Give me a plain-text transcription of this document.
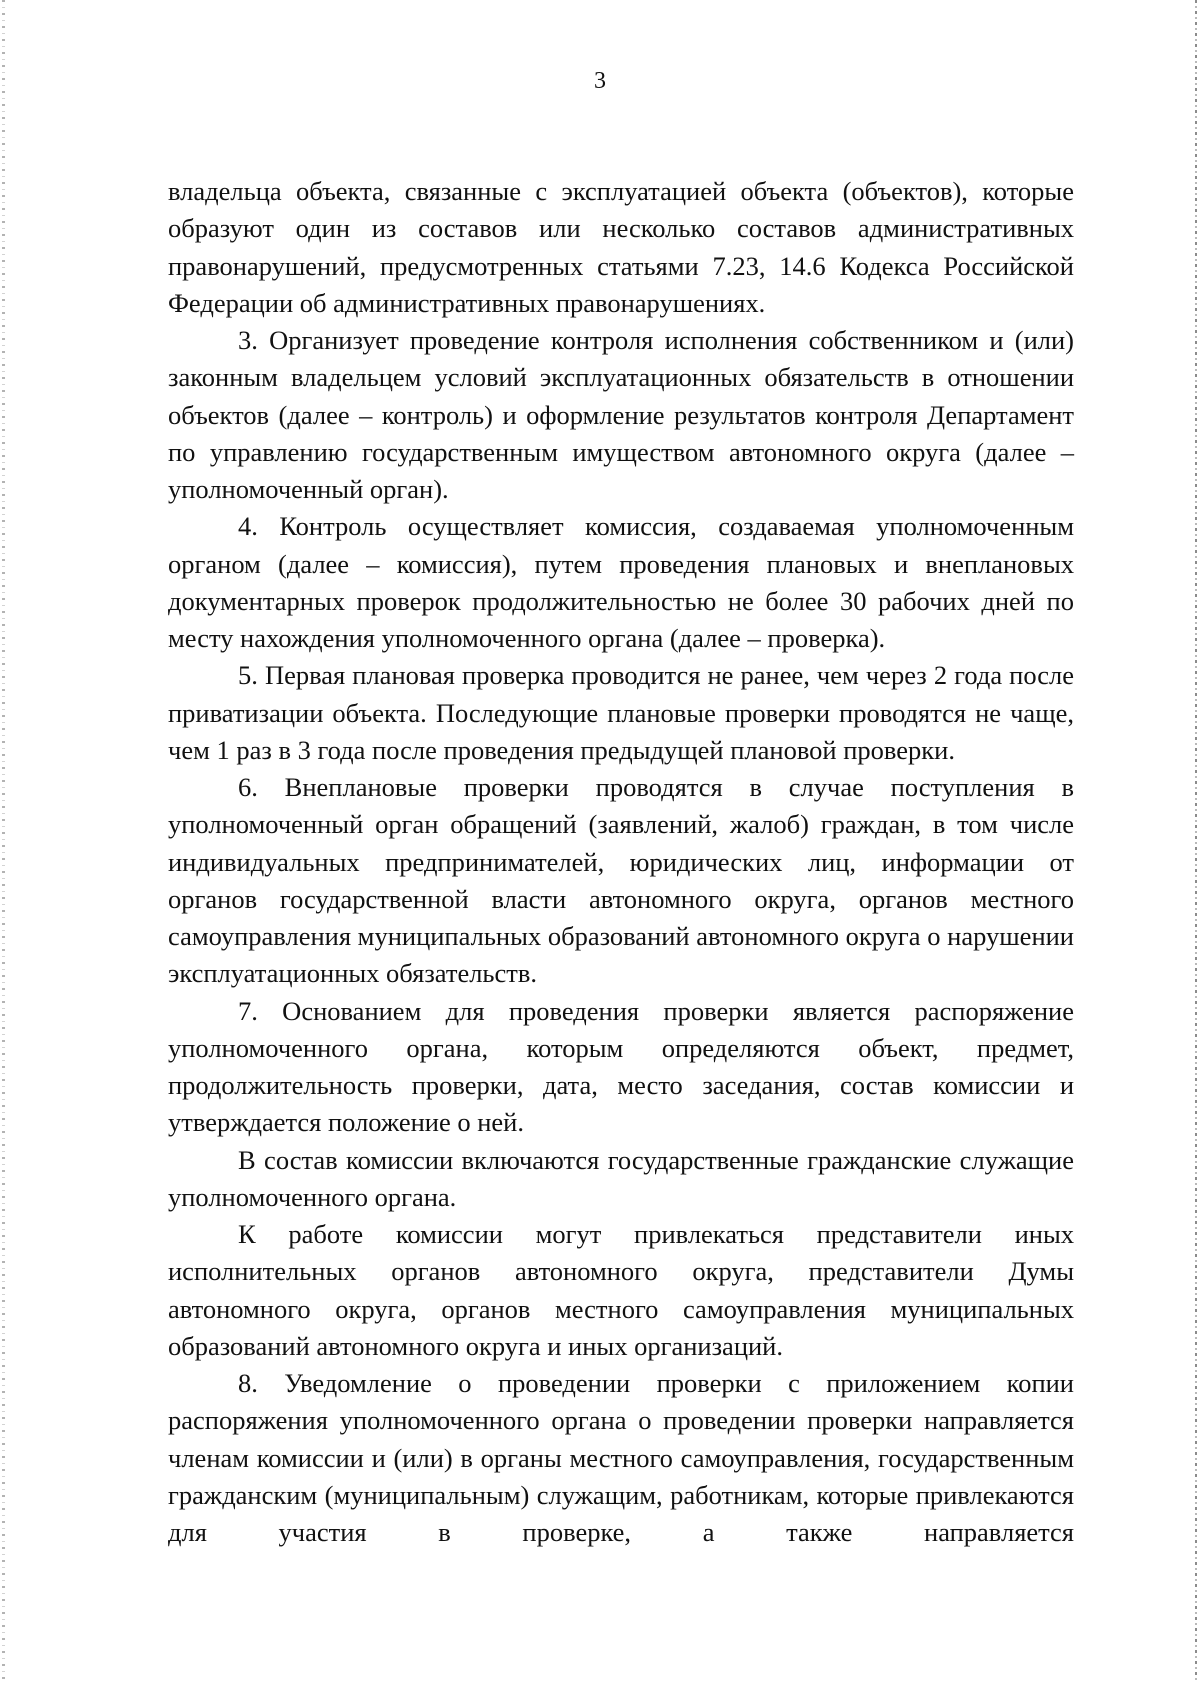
3

владельца объекта, связанные с эксплуатацией объекта (объектов), которые образуют один из составов или несколько составов административных правонарушений, предусмотренных статьями 7.23, 14.6 Кодекса Российской Федерации об административных правонарушениях.

3. Организует проведение контроля исполнения собственником и (или) законным владельцем условий эксплуатационных обязательств в отношении объектов (далее – контроль) и оформление результатов контроля Департамент по управлению государственным имуществом автономного округа (далее – уполномоченный орган).

4. Контроль осуществляет комиссия, создаваемая уполномоченным органом (далее – комиссия), путем проведения плановых и внеплановых документарных проверок продолжительностью не более 30 рабочих дней по месту нахождения уполномоченного органа (далее – проверка).

5. Первая плановая проверка проводится не ранее, чем через 2 года после приватизации объекта. Последующие плановые проверки проводятся не чаще, чем 1 раз в 3 года после проведения предыдущей плановой проверки.

6. Внеплановые проверки проводятся в случае поступления в уполномоченный орган обращений (заявлений, жалоб) граждан, в том числе индивидуальных предпринимателей, юридических лиц, информации от органов государственной власти автономного округа, органов местного самоуправления муниципальных образований автономного округа о нарушении эксплуатационных обязательств.

7. Основанием для проведения проверки является распоряжение уполномоченного органа, которым определяются объект, предмет, продолжительность проверки, дата, место заседания, состав комиссии и утверждается положение о ней.

В состав комиссии включаются государственные гражданские служащие уполномоченного органа.

К работе комиссии могут привлекаться представители иных исполнительных органов автономного округа, представители Думы автономного округа, органов местного самоуправления муниципальных образований автономного округа и иных организаций.

8. Уведомление о проведении проверки с приложением копии распоряжения уполномоченного органа о проведении проверки направляется членам комиссии и (или) в органы местного самоуправления, государственным гражданским (муниципальным) служащим, работникам, которые привлекаются для участия в проверке, а также направляется
